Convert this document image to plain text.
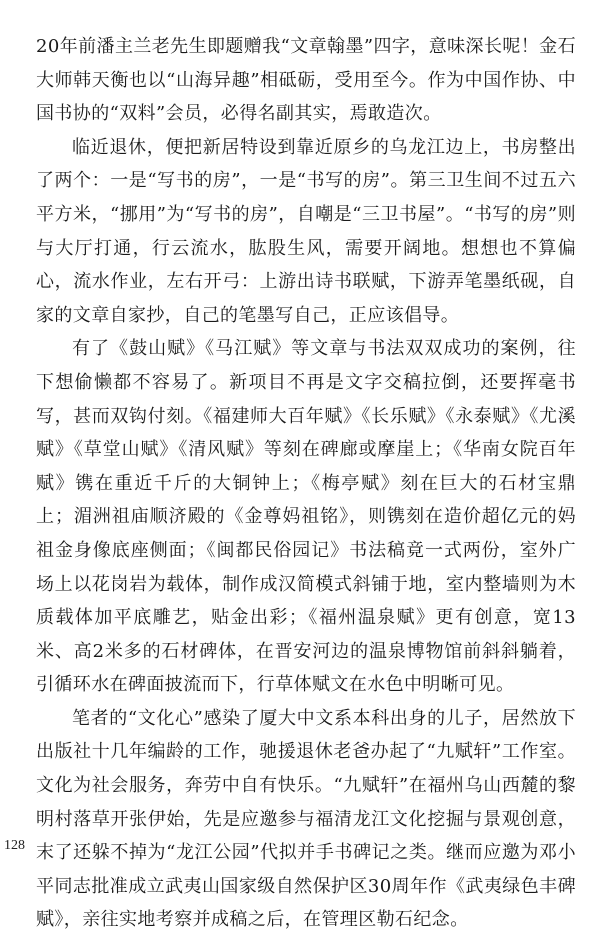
20年前潘主兰老先生即题赠我“文章翰墨”四字，意味深长呢！金石大师韩天衡也以“山海异趣”相砥砺，受用至今。作为中国作协、中国书协的“双料”会员，必得名副其实，焉敢造次。

临近退休，便把新居特设到靠近原乡的乌龙江边上，书房整出了两个：一是“写书的房”，一是“书写的房”。第三卫生间不过五六平方米，“挪用”为“写书的房”，自嘲是“三卫书屋”。“书写的房”则与大厅打通，行云流水，肱股生风，需要开阔地。想想也不算偏心，流水作业，左右开弓：上游出诗书联赋，下游弄笔墨纸砚，自家的文章自家抄，自己的笔墨写自己，正应该倡导。

有了《鼓山赋》《马江赋》等文章与书法双双成功的案例，往下想偷懒都不容易了。新项目不再是文字交稿拉倒，还要挥毫书写，甚而双钩付刻。《福建师大百年赋》《长乐赋》《永泰赋》《尤溪赋》《草堂山赋》《清风赋》等刻在碑廊或摩崖上；《华南女院百年赋》镌在重近千斤的大铜钟上；《梅亭赋》刻在巨大的石材宝鼎上；湄洲祖庙顺济殿的《金尊妈祖铭》，则镌刻在造价超亿元的妈祖金身像底座侧面；《闽都民俗园记》书法稿竟一式两份，室外广场上以花岗岩为载体，制作成汉简模式斜铺于地，室内整墙则为木质载体加平底雕艺，贴金出彩；《福州温泉赋》更有创意，宽13米、高2米多的石材碑体，在晋安河边的温泉博物馆前斜斜躺着，引循环水在碑面披流而下，行草体赋文在水色中明晰可见。

笔者的“文化心”感染了厦大中文系本科出身的儿子，居然放下出版社十几年编龄的工作，驰援退休老爸办起了“九赋轩”工作室。文化为社会服务，奔劳中自有快乐。“九赋轩”在福州乌山西麓的黎明村落草开张伊始，先是应邀参与福清龙江文化挖掘与景观创意，末了还躲不掉为“龙江公园”代拟并手书碑记之类。继而应邀为邓小平同志批准成立武夷山国家级自然保护区30周年作《武夷绿色丰碑赋》，亲往实地考察并成稿之后，在管理区勒石纪念。

128
